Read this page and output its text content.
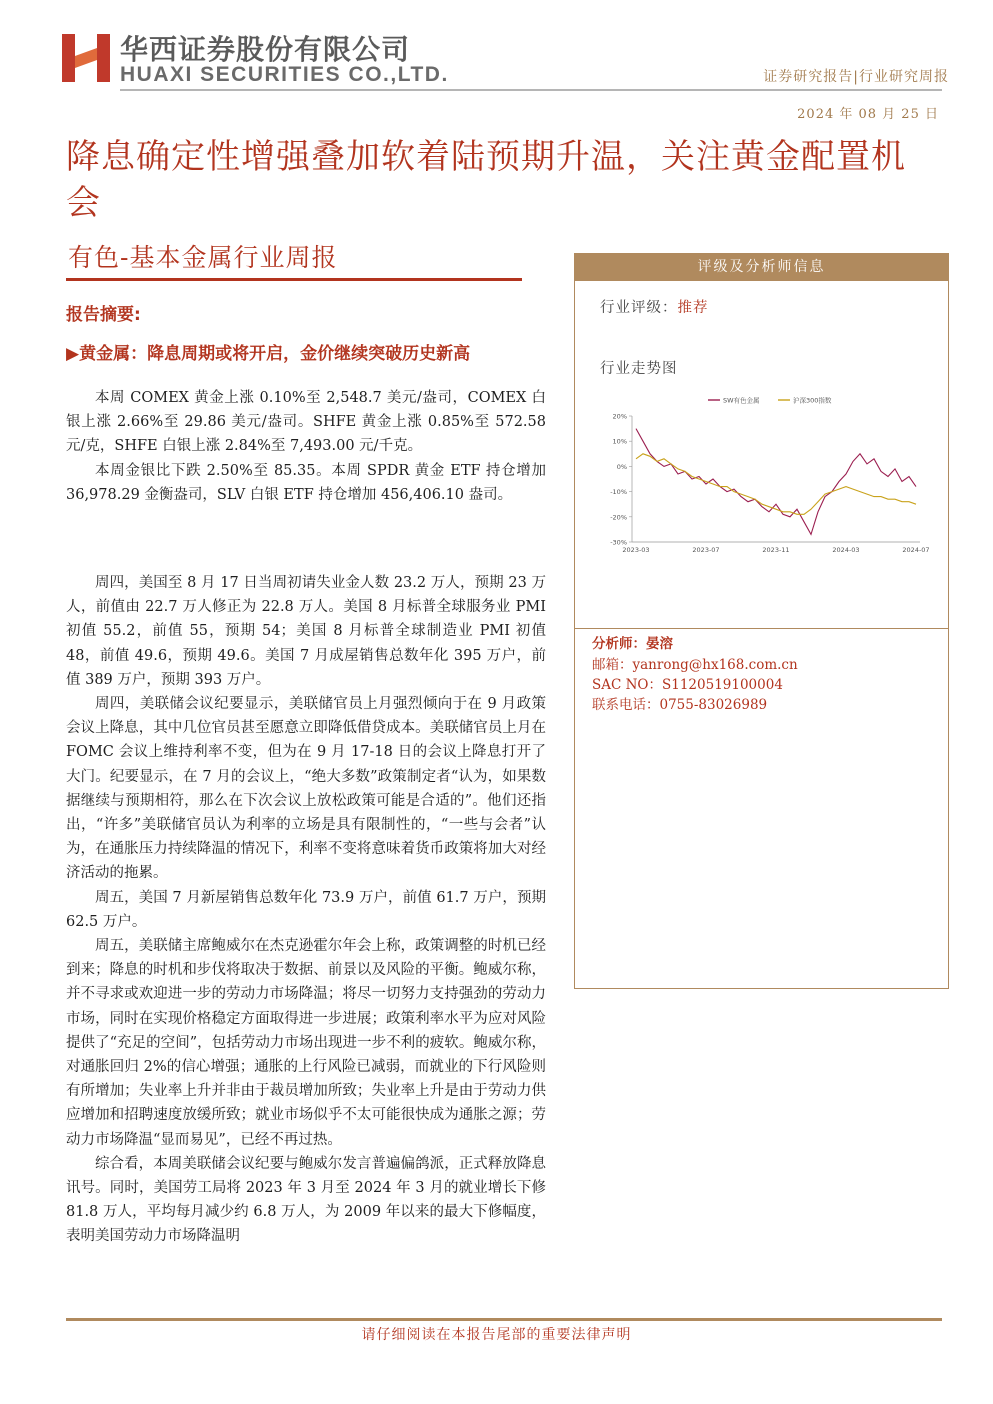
华西证券股份有限公司
HUAXI SECURITIES CO.,LTD.	证券研究报告|行业研究周报
2024 年 08 月 25 日
降息确定性增强叠加软着陆预期升温，关注黄金配置机会
有色-基本金属行业周报
报告摘要:
▶黄金属：降息周期或将开启，金价继续突破历史新高

本周 COMEX 黄金上涨 0.10%至 2,548.7 美元/盎司，COMEX 白银上涨 2.66%至 29.86 美元/盎司。SHFE 黄金上涨 0.85%至 572.58 元/克，SHFE 白银上涨 2.84%至 7,493.00 元/千克。

本周金银比下跌 2.50%至 85.35。本周 SPDR 黄金 ETF 持仓增加 36,978.29 金衡盎司，SLV 白银 ETF 持仓增加 456,406.10 盎司。

周四，美国至 8 月 17 日当周初请失业金人数 23.2 万人，预期 23 万人，前值由 22.7 万人修正为 22.8 万人。美国 8 月标普全球服务业 PMI 初值 55.2，前值 55，预期 54；美国 8 月标普全球制造业 PMI 初值 48，前值 49.6，预期 49.6。美国 7 月成屋销售总数年化 395 万户，前值 389 万户，预期 393 万户。

周四，美联储会议纪要显示，美联储官员上月强烈倾向于在 9 月政策会议上降息，其中几位官员甚至愿意立即降低借贷成本。美联储官员上月在 FOMC 会议上维持利率不变，但为在 9 月 17-18 日的会议上降息打开了大门。纪要显示，在 7 月的会议上，“绝大多数”政策制定者“认为，如果数据继续与预期相符，那么在下次会议上放松政策可能是合适的”。他们还指出，“许多”美联储官员认为利率的立场是具有限制性的，“一些与会者”认为，在通胀压力持续降温的情况下，利率不变将意味着货币政策将加大对经济活动的拖累。

周五，美国 7 月新屋销售总数年化 73.9 万户，前值 61.7 万户，预期 62.5 万户。

周五，美联储主席鲍威尔在杰克逊霍尔年会上称，政策调整的时机已经到来；降息的时机和步伐将取决于数据、前景以及风险的平衡。鲍威尔称，并不寻求或欢迎进一步的劳动力市场降温；将尽一切努力支持强劲的劳动力市场，同时在实现价格稳定方面取得进一步进展；政策利率水平为应对风险提供了“充足的空间”，包括劳动力市场出现进一步不利的疲软。鲍威尔称，对通胀回归 2%的信心增强；通胀的上行风险已减弱，而就业的下行风险则有所增加；失业率上升并非由于裁员增加所致；失业率上升是由于劳动力供应增加和招聘速度放缓所致；就业市场似乎不太可能很快成为通胀之源；劳动力市场降温“显而易见”，已经不再过热。

综合看，本周美联储会议纪要与鲍威尔发言普遍偏鸽派，正式释放降息讯号。同时，美国劳工局将 2023 年 3 月至 2024 年 3 月的就业增长下修 81.8 万人，平均每月减少约 6.8 万人，为 2009 年以来的最大下修幅度，表明美国劳动力市场降温明

评级及分析师信息
行业评级：推荐
行业走势图
20%
10%
0%
-10%
-20%
-30%
2023-03	2023-07	2023-11	2024-03	2024-07
SW有色金属	沪深300指数
分析师：晏溶
邮箱：yanrong@hx168.com.cn
SAC NO：S1120519100004
联系电话：0755-83026989
请仔细阅读在本报告尾部的重要法律声明
